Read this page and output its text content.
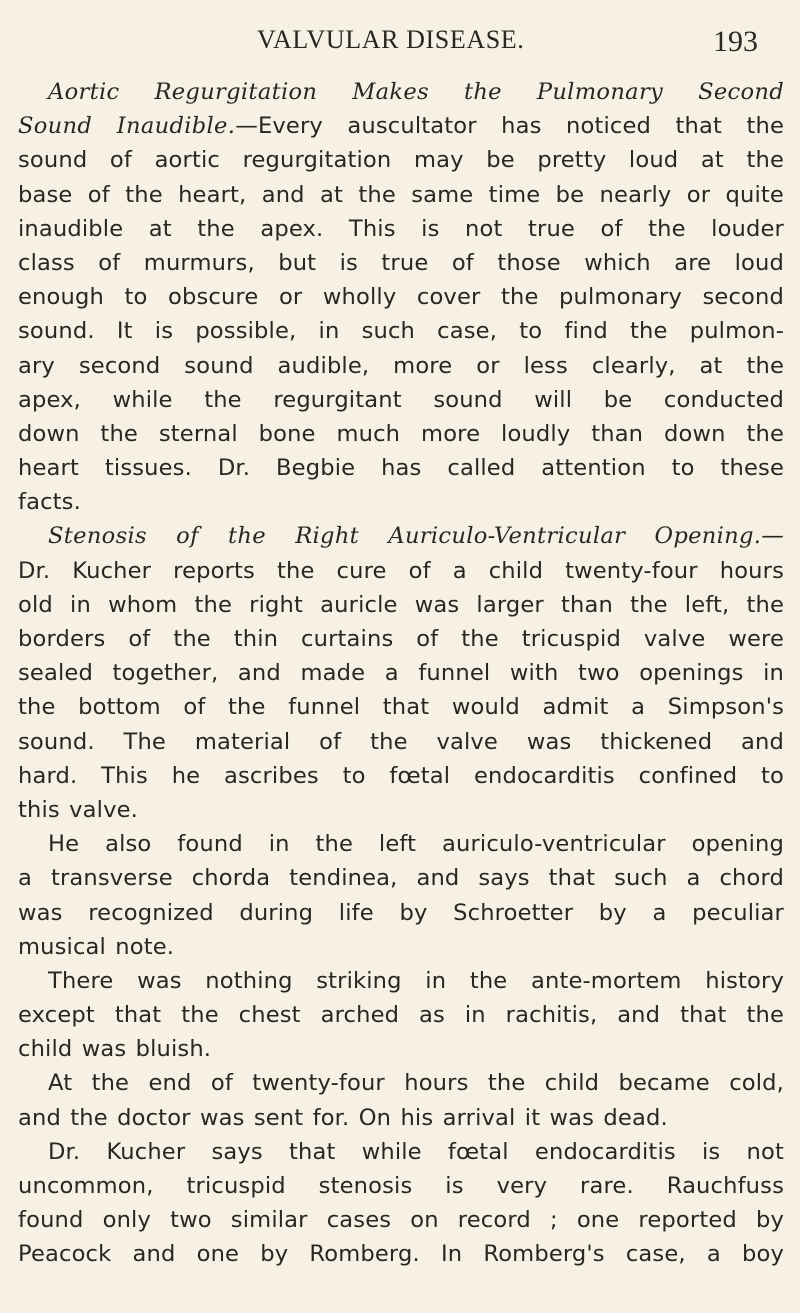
VALVULAR DISEASE.	193
Aortic Regurgitation Makes the Pulmonary Second
Sound Inaudible.—Every auscultator has noticed that the
sound of aortic regurgitation may be pretty loud at the
base of the heart, and at the same time be nearly or quite
inaudible at the apex. This is not true of the louder
class of murmurs, but is true of those which are loud
enough to obscure or wholly cover the pulmonary second
sound. It is possible, in such case, to find the pulmon-
ary second sound audible, more or less clearly, at the
apex, while the regurgitant sound will be conducted
down the sternal bone much more loudly than down the
heart tissues. Dr. Begbie has called attention to these
facts.
Stenosis of the Right Auriculo-Ventricular Opening.—
Dr. Kucher reports the cure of a child twenty-four hours
old in whom the right auricle was larger than the left, the
borders of the thin curtains of the tricuspid valve were
sealed together, and made a funnel with two openings in
the bottom of the funnel that would admit a Simpson's
sound. The material of the valve was thickened and
hard. This he ascribes to fœtal endocarditis confined to
this valve.
He also found in the left auriculo-ventricular opening
a transverse chorda tendinea, and says that such a chord
was recognized during life by Schroetter by a peculiar
musical note.
There was nothing striking in the ante-mortem history
except that the chest arched as in rachitis, and that the
child was bluish.
At the end of twenty-four hours the child became cold,
and the doctor was sent for. On his arrival it was dead.
Dr. Kucher says that while fœtal endocarditis is not
uncommon, tricuspid stenosis is very rare. Rauchfuss
found only two similar cases on record ; one reported by
Peacock and one by Romberg. In Romberg's case, a boy
